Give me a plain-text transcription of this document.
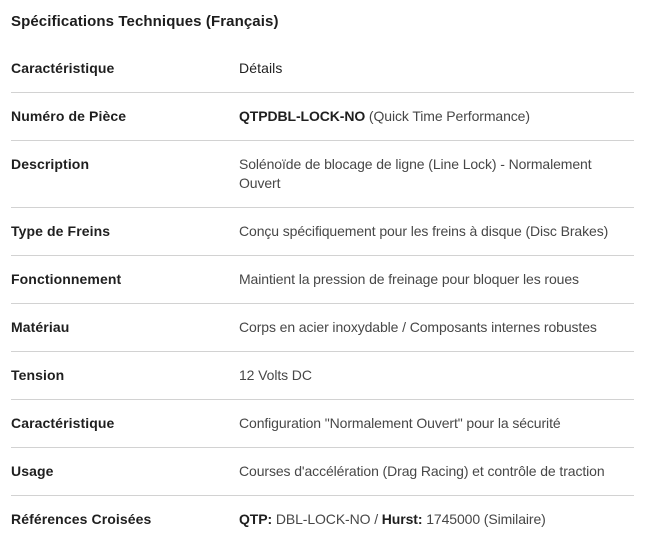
Spécifications Techniques (Français)
Caractéristique	Détails
Numéro de Pièce	QTPDBL-LOCK-NO (Quick Time Performance)
Description	Solénoïde de blocage de ligne (Line Lock) - Normalement Ouvert
Type de Freins	Conçu spécifiquement pour les freins à disque (Disc Brakes)
Fonctionnement	Maintient la pression de freinage pour bloquer les roues
Matériau	Corps en acier inoxydable / Composants internes robustes
Tension	12 Volts DC
Caractéristique	Configuration "Normalement Ouvert" pour la sécurité
Usage	Courses d'accélération (Drag Racing) et contrôle de traction
Références Croisées	QTP: DBL-LOCK-NO / Hurst: 1745000 (Similaire)
